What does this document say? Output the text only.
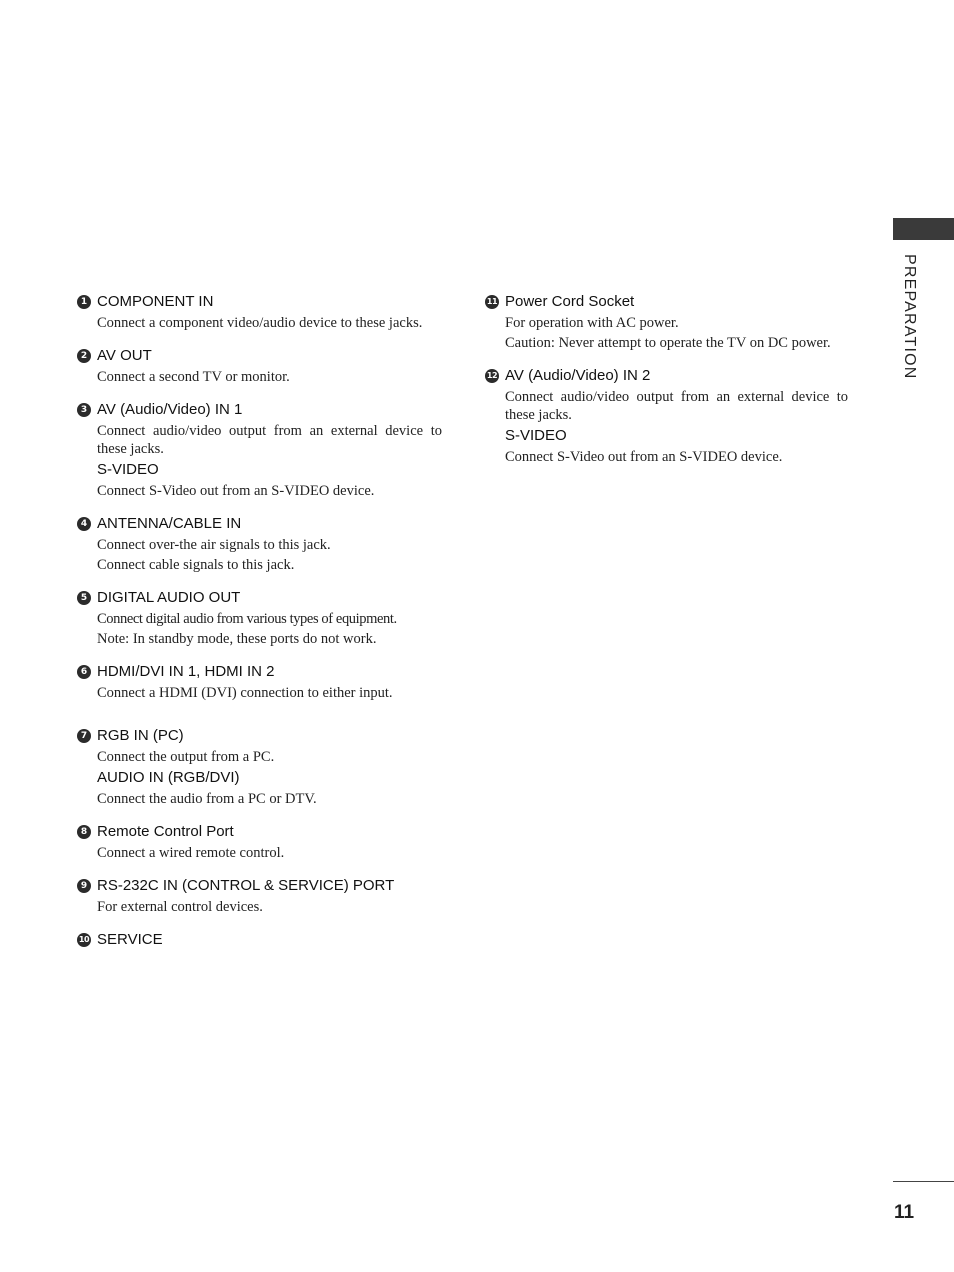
PREPARATION
1 COMPONENT IN
Connect a component video/audio device to these jacks.
2 AV OUT
Connect a second TV or monitor.
3 AV (Audio/Video) IN 1
Connect audio/video output from an external device to these jacks.
S-VIDEO
Connect S-Video out from an S-VIDEO device.
4 ANTENNA/CABLE IN
Connect over-the air signals to this jack.
Connect cable signals to this jack.
5 DIGITAL AUDIO OUT
Connect digital audio from various types of equipment.
Note: In standby mode, these ports do not work.
6 HDMI/DVI IN 1, HDMI IN 2
Connect a HDMI (DVI) connection to either input.
7 RGB IN (PC)
Connect the output from a PC.
AUDIO IN (RGB/DVI)
Connect the audio from a PC or DTV.
8 Remote Control Port
Connect a wired remote control.
9 RS-232C IN (CONTROL & SERVICE) PORT
For external control devices.
10 SERVICE
11 Power Cord Socket
For operation with AC power.
Caution: Never attempt to operate the TV on DC power.
12 AV (Audio/Video) IN 2
Connect audio/video output from an external device to these jacks.
S-VIDEO
Connect S-Video out from an S-VIDEO device.
11
